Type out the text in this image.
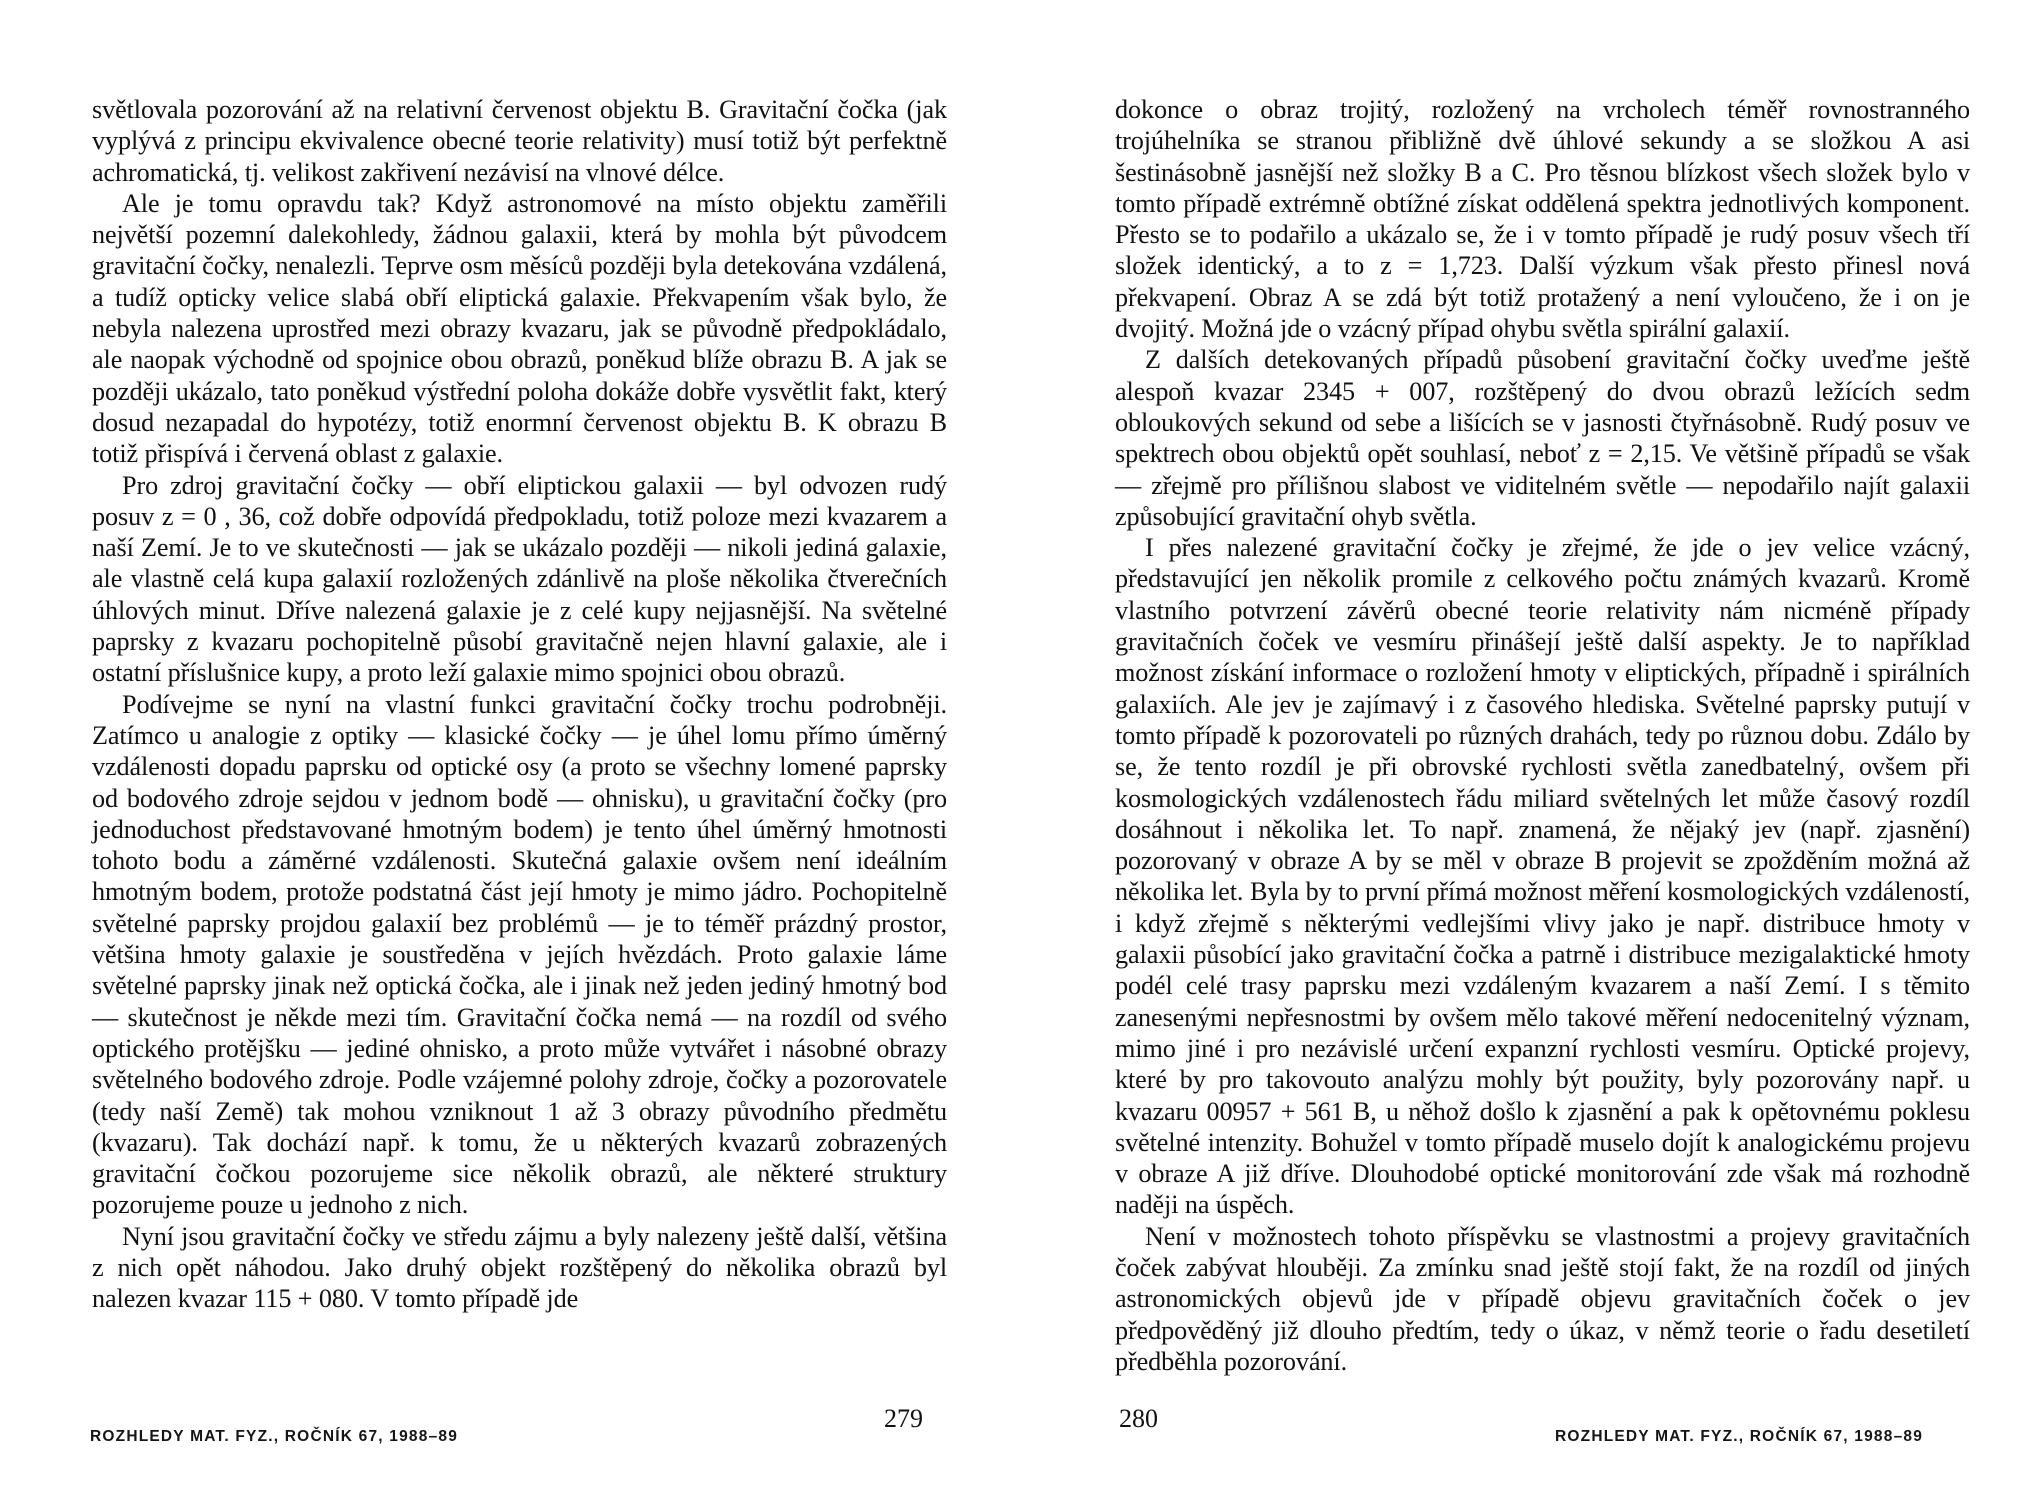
světlovala pozorování až na relativní červenost objektu B. Gravitační čočka (jak vyplývá z principu ekvivalence obecné teorie relativity) musí totiž být perfektně achromatická, tj. velikost zakřivení nezávisí na vlnové délce.

Ale je tomu opravdu tak? Když astronomové na místo objektu zaměřili největší pozemní dalekohledy, žádnou galaxii, která by mohla být původcem gravitační čočky, nenalezli. Teprve osm měsíců později byla detekována vzdálená, a tudíž opticky velice slabá obří eliptická galaxie. Překvapením však bylo, že nebyla nalezena uprostřed mezi obrazy kvazaru, jak se původně předpokládalo, ale naopak východně od spojnice obou obrazů, poněkud blíže obrazu B. A jak se později ukázalo, tato poněkud výstřední poloha dokáže dobře vysvětlit fakt, který dosud nezapadal do hypotézy, totiž enormní červenost objektu B. K obrazu B totiž přispívá i červená oblast z galaxie.

Pro zdroj gravitační čočky — obří eliptickou galaxii — byl odvozen rudý posuv z = 0 , 36, což dobře odpovídá předpokladu, totiž poloze mezi kvazarem a naší Zemí. Je to ve skutečnosti — jak se ukázalo později — nikoli jediná galaxie, ale vlastně celá kupa galaxií rozložených zdánlivě na ploše několika čtverečních úhlových minut. Dříve nalezená galaxie je z celé kupy nejjasnější. Na světelné paprsky z kvazaru pochopitelně působí gravitačně nejen hlavní galaxie, ale i ostatní příslušnice kupy, a proto leží galaxie mimo spojnici obou obrazů.

Podívejme se nyní na vlastní funkci gravitační čočky trochu podrobněji. Zatímco u analogie z optiky — klasické čočky — je úhel lomu přímo úměrný vzdálenosti dopadu paprsku od optické osy (a proto se všechny lomené paprsky od bodového zdroje sejdou v jednom bodě — ohnisku), u gravitační čočky (pro jednoduchost představované hmotným bodem) je tento úhel úměrný hmotnosti tohoto bodu a záměrné vzdálenosti. Skutečná galaxie ovšem není ideálním hmotným bodem, protože podstatná část její hmoty je mimo jádro. Pochopitelně světelné paprsky projdou galaxií bez problémů — je to téměř prázdný prostor, většina hmoty galaxie je soustředěna v jejích hvězdách. Proto galaxie láme světelné paprsky jinak než optická čočka, ale i jinak než jeden jediný hmotný bod — skutečnost je někde mezi tím. Gravitační čočka nemá — na rozdíl od svého optického protějšku — jediné ohnisko, a proto může vytvářet i násobné obrazy světelného bodového zdroje. Podle vzájemné polohy zdroje, čočky a pozorovatele (tedy naší Země) tak mohou vzniknout 1 až 3 obrazy původního předmětu (kvazaru). Tak dochází např. k tomu, že u některých kvazarů zobrazených gravitační čočkou pozorujeme sice několik obrazů, ale některé struktury pozorujeme pouze u jednoho z nich.

Nyní jsou gravitační čočky ve středu zájmu a byly nalezeny ještě další, většina z nich opět náhodou. Jako druhý objekt rozštěpený do několika obrazů byl nalezen kvazar 115 + 080. V tomto případě jde

ROZHLEDY MAT. FYZ., ROČNÍK 67, 1988–89
279

dokonce o obraz trojitý, rozložený na vrcholech téměř rovnostranného trojúhelníka se stranou přibližně dvě úhlové sekundy a se složkou A asi šestinásobně jasnější než složky B a C. Pro těsnou blízkost všech složek bylo v tomto případě extrémně obtížné získat oddělená spektra jednotlivých komponent. Přesto se to podařilo a ukázalo se, že i v tomto případě je rudý posuv všech tří složek identický, a to z = 1,723. Další výzkum však přesto přinesl nová překvapení. Obraz A se zdá být totiž protažený a není vyloučeno, že i on je dvojitý. Možná jde o vzácný případ ohybu světla spirální galaxií.

Z dalších detekovaných případů působení gravitační čočky uveďme ještě alespoň kvazar 2345 + 007, rozštěpený do dvou obrazů ležících sedm obloukových sekund od sebe a lišících se v jasnosti čtyřnásobně. Rudý posuv ve spektrech obou objektů opět souhlasí, neboť z = 2,15. Ve většině případů se však — zřejmě pro přílišnou slabost ve viditelném světle — nepodařilo najít galaxii způsobující gravitační ohyb světla.

I přes nalezené gravitační čočky je zřejmé, že jde o jev velice vzácný, představující jen několik promile z celkového počtu známých kvazarů. Kromě vlastního potvrzení závěrů obecné teorie relativity nám nicméně případy gravitačních čoček ve vesmíru přinášejí ještě další aspekty. Je to například možnost získání informace o rozložení hmoty v eliptických, případně i spirálních galaxiích. Ale jev je zajímavý i z časového hlediska. Světelné paprsky putují v tomto případě k pozorovateli po různých drahách, tedy po různou dobu. Zdálo by se, že tento rozdíl je při obrovské rychlosti světla zanedbatelný, ovšem při kosmologických vzdálenostech řádu miliard světelných let může časový rozdíl dosáhnout i několika let. To např. znamená, že nějaký jev (např. zjasnění) pozorovaný v obraze A by se měl v obraze B projevit se zpožděním možná až několika let. Byla by to první přímá možnost měření kosmologických vzdáleností, i když zřejmě s některými vedlejšími vlivy jako je např. distribuce hmoty v galaxii působící jako gravitační čočka a patrně i distribuce mezigalaktické hmoty podél celé trasy paprsku mezi vzdáleným kvazarem a naší Zemí. I s těmito zanesenými nepřesnostmi by ovšem mělo takové měření nedocenitelný význam, mimo jiné i pro nezávislé určení expanzní rychlosti vesmíru. Optické projevy, které by pro takovouto analýzu mohly být použity, byly pozorovány např. u kvazaru 00957 + 561 B, u něhož došlo k zjasnění a pak k opětovnému poklesu světelné intenzity. Bohužel v tomto případě muselo dojít k analogickému projevu v obraze A již dříve. Dlouhodobé optické monitorování zde však má rozhodně naději na úspěch.

Není v možnostech tohoto příspěvku se vlastnostmi a projevy gravitačních čoček zabývat hlouběji. Za zmínku snad ještě stojí fakt, že na rozdíl od jiných astronomických objevů jde v případě objevu gravitačních čoček o jev předpověděný již dlouho předtím, tedy o úkaz, v němž teorie o řadu desetiletí předběhla pozorování.

280
ROZHLEDY MAT. FYZ., ROČNÍK 67, 1988–89
